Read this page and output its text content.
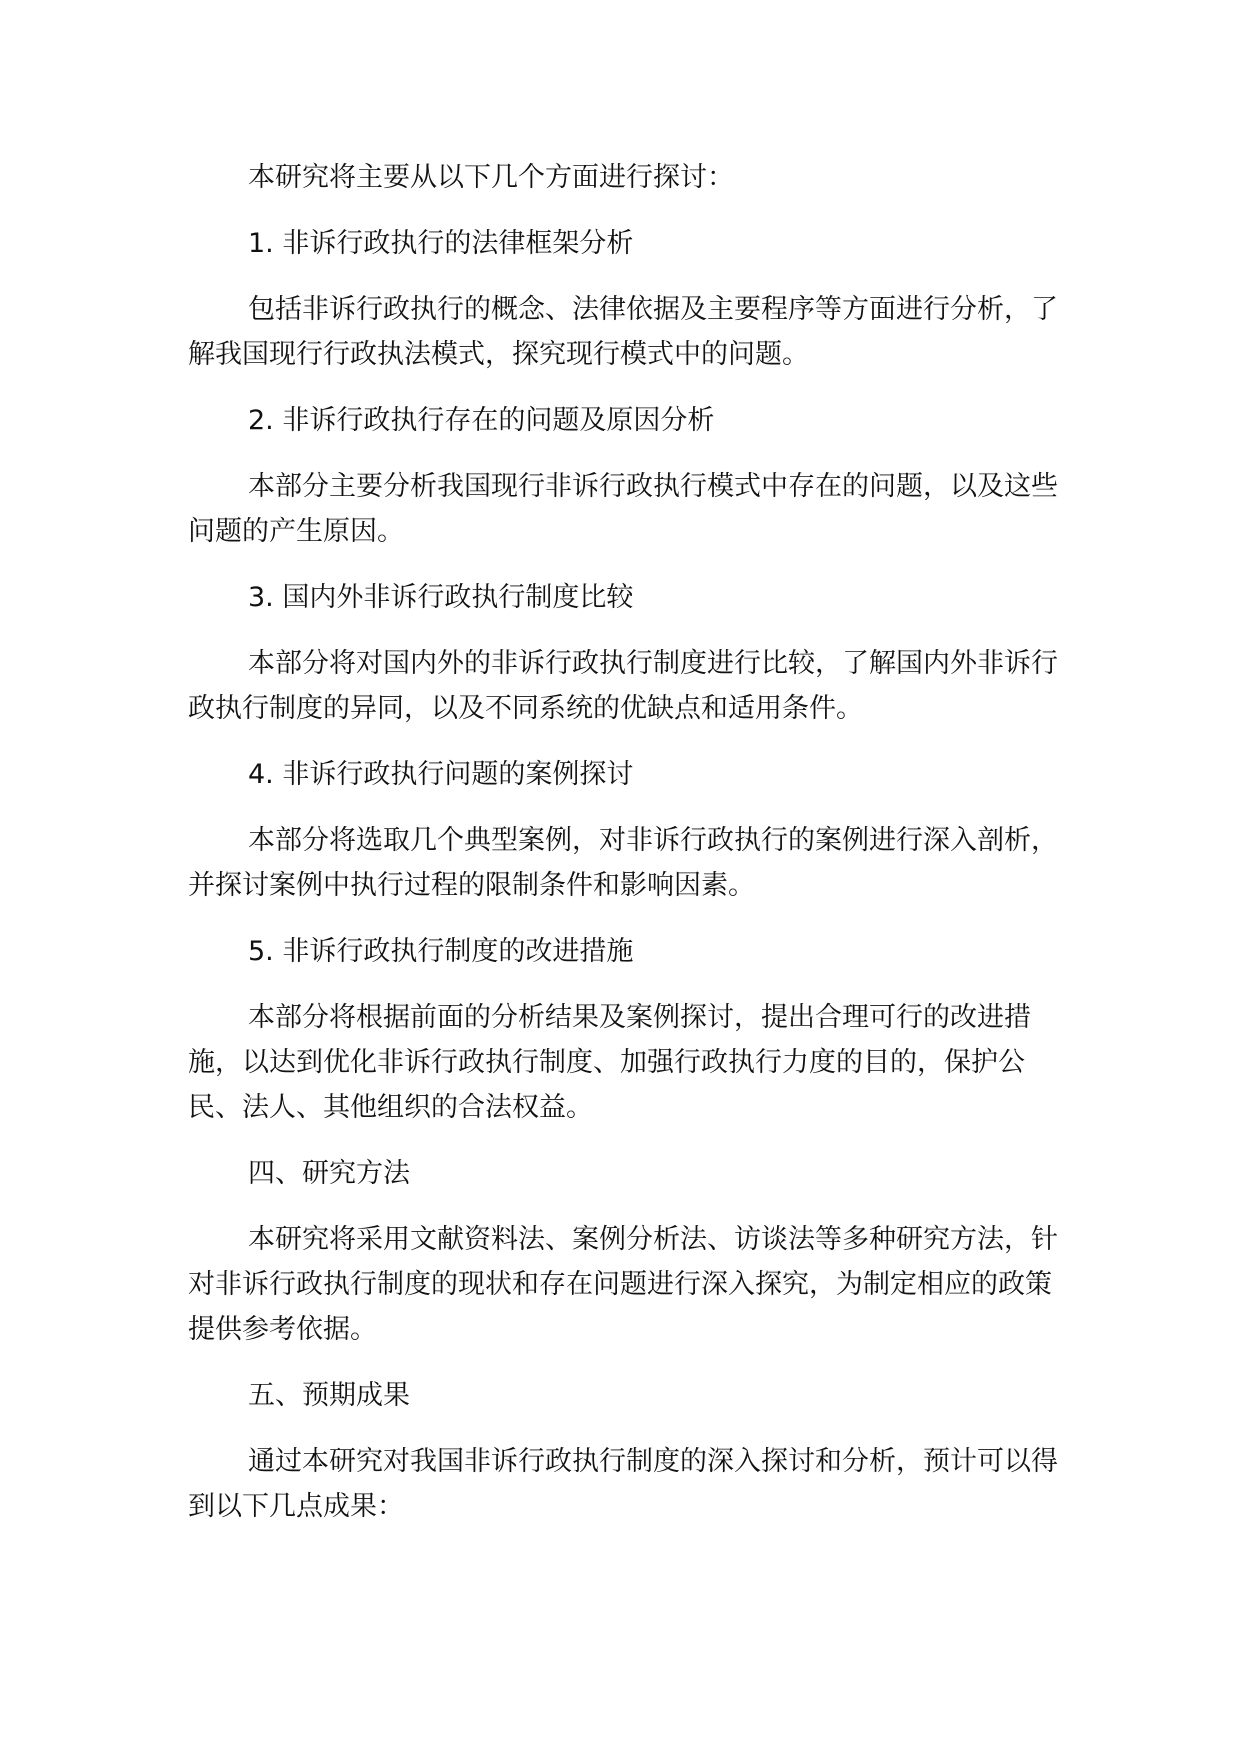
本研究将主要从以下几个方面进行探讨：

1. 非诉行政执行的法律框架分析

包括非诉行政执行的概念、法律依据及主要程序等方面进行分析，了解我国现行行政执法模式，探究现行模式中的问题。

2. 非诉行政执行存在的问题及原因分析

本部分主要分析我国现行非诉行政执行模式中存在的问题，以及这些问题的产生原因。

3. 国内外非诉行政执行制度比较

本部分将对国内外的非诉行政执行制度进行比较，了解国内外非诉行政执行制度的异同，以及不同系统的优缺点和适用条件。

4. 非诉行政执行问题的案例探讨

本部分将选取几个典型案例，对非诉行政执行的案例进行深入剖析，并探讨案例中执行过程的限制条件和影响因素。

5. 非诉行政执行制度的改进措施

本部分将根据前面的分析结果及案例探讨，提出合理可行的改进措施，以达到优化非诉行政执行制度、加强行政执行力度的目的，保护公民、法人、其他组织的合法权益。

四、研究方法

本研究将采用文献资料法、案例分析法、访谈法等多种研究方法，针对非诉行政执行制度的现状和存在问题进行深入探究，为制定相应的政策提供参考依据。

五、预期成果

通过本研究对我国非诉行政执行制度的深入探讨和分析，预计可以得到以下几点成果：
